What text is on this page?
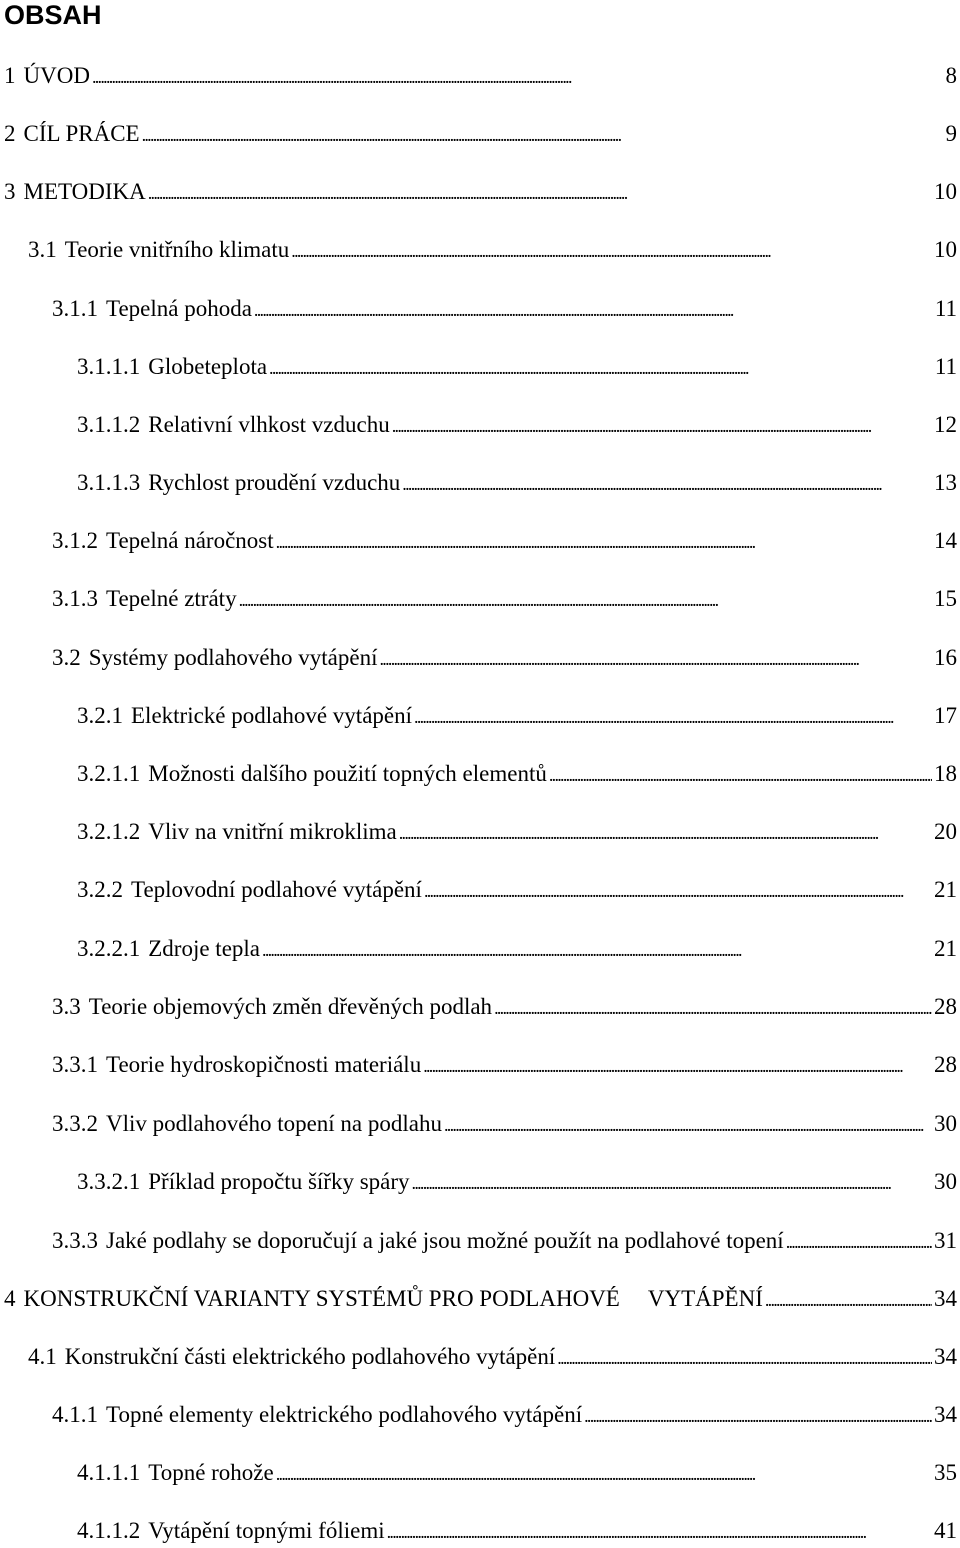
OBSAH
1 ÚVOD . . .	8
2 CÍL PRÁCE . . .	9
3 METODIKA . . .	10
3.1 Teorie vnitřního klimatu . . .	10
3.1.1 Tepelná pohoda . . .	11
3.1.1.1 Globeteplota . . .	11
3.1.1.2 Relativní vlhkost vzduchu . . .	12
3.1.1.3 Rychlost proudění vzduchu . . .	13
3.1.2 Tepelná náročnost . . .	14
3.1.3 Tepelné ztráty . . .	15
3.2 Systémy podlahového vytápění . . .	16
3.2.1 Elektrické podlahové vytápění . . .	17
3.2.1.1 Možnosti dalšího použití topných elementů . . .	18
3.2.1.2 Vliv na vnitřní mikroklima . . .	20
3.2.2 Teplovodní podlahové vytápění . . .	21
3.2.2.1 Zdroje tepla . . .	21
3.3 Teorie objemových změn dřevěných podlah . . .	28
3.3.1 Teorie hydroskopičnosti materiálu . . .	28
3.3.2 Vliv podlahového topení na podlahu . . .	30
3.3.2.1 Příklad propočtu šířky spáry . . .	30
3.3.3 Jaké podlahy se doporučují a jaké jsou možné použít na podlahové topení . . .	31
4 KONSTRUKČNÍ VARIANTY SYSTÉMŮ PRO PODLAHOVÉ VYTÁPĚNÍ . . .	34
4.1 Konstrukční části elektrického podlahového vytápění . . .	34
4.1.1 Topné elementy elektrického podlahového vytápění . . .	34
4.1.1.1 Topné rohože . . .	35
4.1.1.2 Vytápění topnými fóliemi . . .	41
